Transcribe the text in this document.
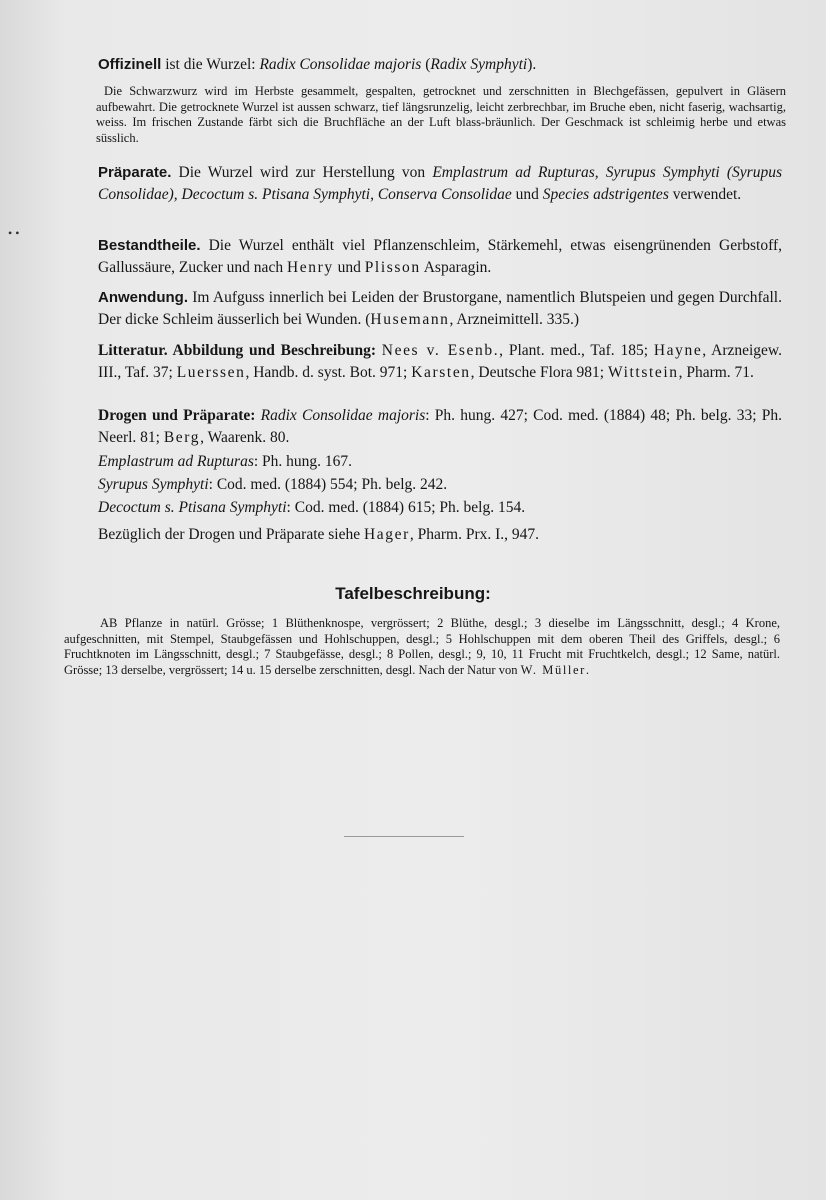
• •

Offizinell ist die Wurzel: Radix Consolidae majoris (Radix Symphyti).

Die Schwarzwurz wird im Herbste gesammelt, gespalten, getrocknet und zerschnitten in Blechgefässen, gepulvert in Gläsern aufbewahrt. Die getrocknete Wurzel ist aussen schwarz, tief längsrunzelig, leicht zerbrechbar, im Bruche eben, nicht faserig, wachsartig, weiss. Im frischen Zustande färbt sich die Bruchfläche an der Luft blass-bräunlich. Der Geschmack ist schleimig herbe und etwas süsslich.

Präparate. Die Wurzel wird zur Herstellung von Emplastrum ad Rupturas, Syrupus Symphyti (Syrupus Consolidae), Decoctum s. Ptisana Symphyti, Conserva Consolidae und Species adstrigentes verwendet.

Bestandtheile. Die Wurzel enthält viel Pflanzenschleim, Stärkemehl, etwas eisengrünenden Gerbstoff, Gallussäure, Zucker und nach Henry und Plisson Asparagin.

Anwendung. Im Aufguss innerlich bei Leiden der Brustorgane, namentlich Blutspeien und gegen Durchfall. Der dicke Schleim äusserlich bei Wunden. (Husemann, Arzneimittell. 335.)

Litteratur. Abbildung und Beschreibung: Nees v. Esenb., Plant. med., Taf. 185; Hayne, Arzneigew. III., Taf. 37; Luerssen, Handb. d. syst. Bot. 971; Karsten, Deutsche Flora 981; Wittstein, Pharm. 71.

Drogen und Präparate: Radix Consolidae majoris: Ph. hung. 427; Cod. med. (1884) 48; Ph. belg. 33; Ph. Neerl. 81; Berg, Waarenk. 80.

Emplastrum ad Rupturas: Ph. hung. 167.

Syrupus Symphyti: Cod. med. (1884) 554; Ph. belg. 242.

Decoctum s. Ptisana Symphyti: Cod. med. (1884) 615; Ph. belg. 154.

Bezüglich der Drogen und Präparate siehe Hager, Pharm. Prx. I., 947.

Tafelbeschreibung:

AB Pflanze in natürl. Grösse; 1 Blüthenknospe, vergrössert; 2 Blüthe, desgl.; 3 dieselbe im Längsschnitt, desgl.; 4 Krone, aufgeschnitten, mit Stempel, Staubgefässen und Hohlschuppen, desgl.; 5 Hohlschuppen mit dem oberen Theil des Griffels, desgl.; 6 Fruchtknoten im Längsschnitt, desgl.; 7 Staubgefässe, desgl.; 8 Pollen, desgl.; 9, 10, 11 Frucht mit Fruchtkelch, desgl.; 12 Same, natürl. Grösse; 13 derselbe, vergrössert; 14 u. 15 derselbe zerschnitten, desgl. Nach der Natur von W. Müller.
